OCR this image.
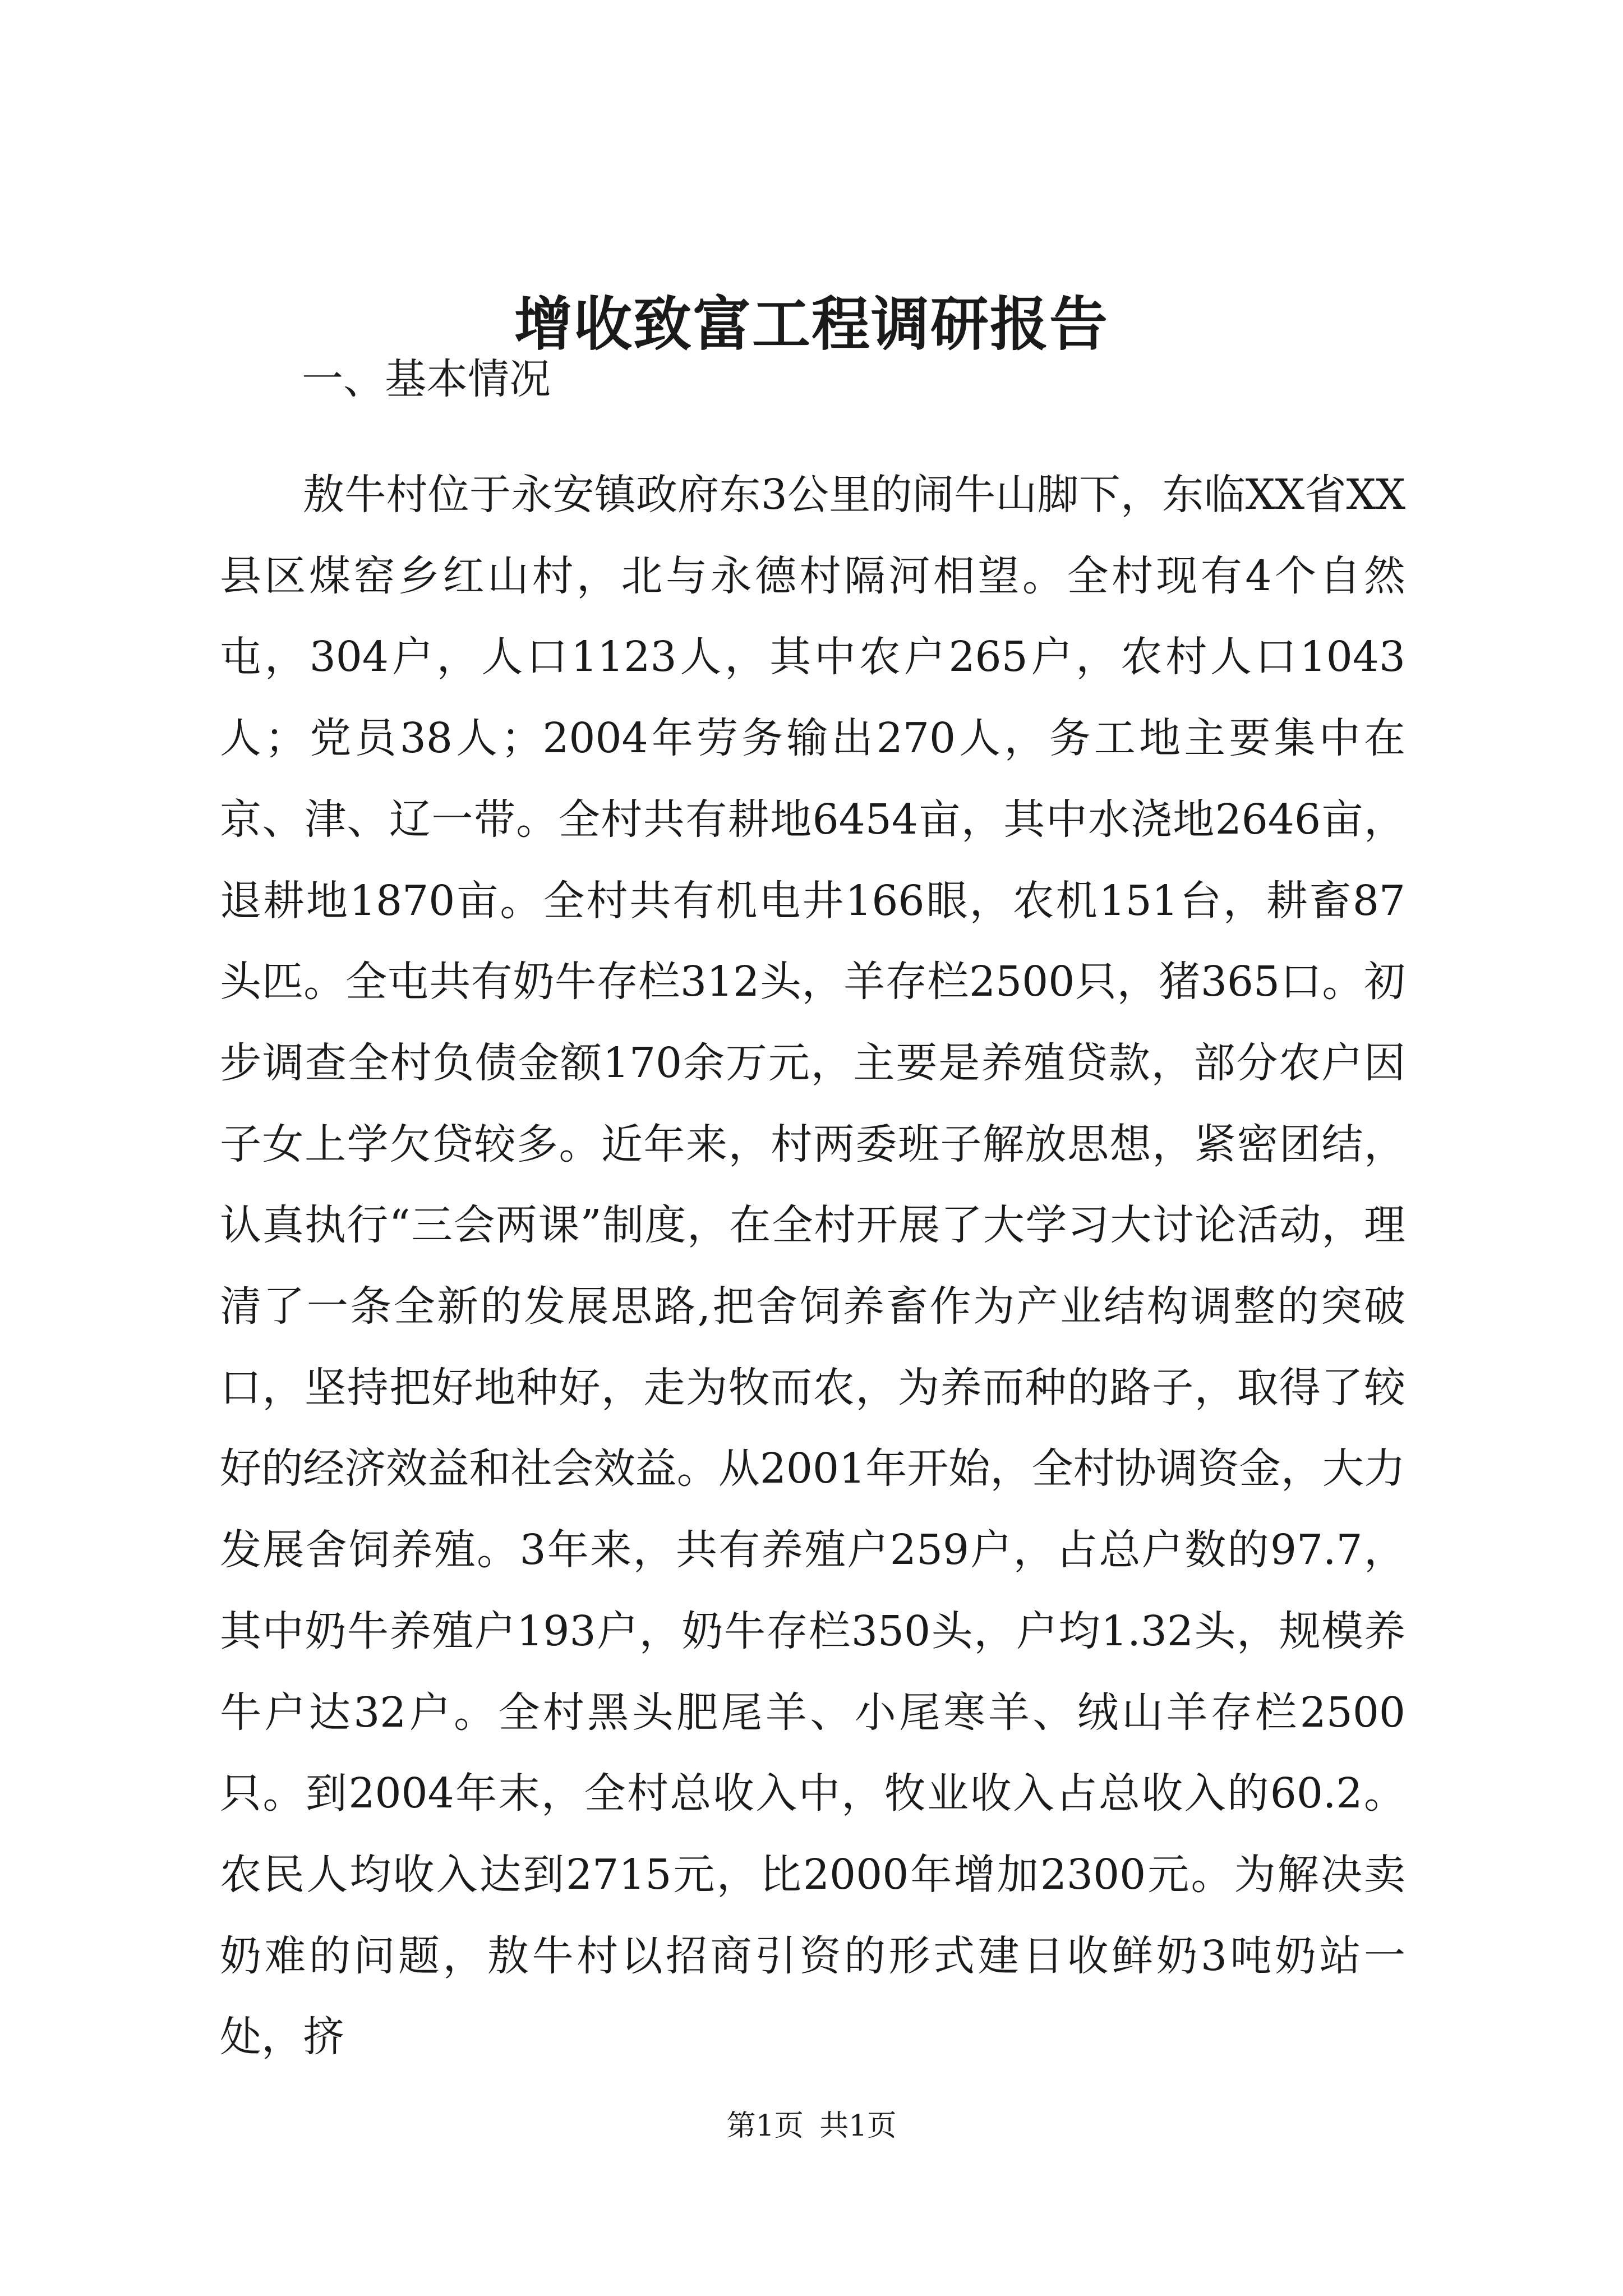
增收致富工程调研报告
一、基本情况

敖牛村位于永安镇政府东3公里的闹牛山脚下，东临XX省XX县区煤窑乡红山村，北与永德村隔河相望。全村现有4个自然屯，304户，人口1123人，其中农户265户，农村人口1043人；党员38人；2004年劳务输出270人，务工地主要集中在京、津、辽一带。全村共有耕地6454亩，其中水浇地2646亩，退耕地1870亩。全村共有机电井166眼，农机151台，耕畜87头匹。全屯共有奶牛存栏312头，羊存栏2500只，猪365口。初步调查全村负债金额170余万元，主要是养殖贷款，部分农户因子女上学欠贷较多。近年来，村两委班子解放思想，紧密团结，认真执行“三会两课”制度，在全村开展了大学习大讨论活动，理清了一条全新的发展思路,把舍饲养畜作为产业结构调整的突破口，坚持把好地种好，走为牧而农，为养而种的路子，取得了较好的经济效益和社会效益。从2001年开始，全村协调资金，大力发展舍饲养殖。3年来，共有养殖户259户，占总户数的97.7，其中奶牛养殖户193户，奶牛存栏350头，户均1.32头，规模养牛户达32户。全村黑头肥尾羊、小尾寒羊、绒山羊存栏2500只。到2004年末，全村总收入中，牧业收入占总收入的60.2。农民人均收入达到2715元，比2000年增加2300元。为解决卖奶难的问题，敖牛村以招商引资的形式建日收鲜奶3吨奶站一处，挤

第1页 共1页
